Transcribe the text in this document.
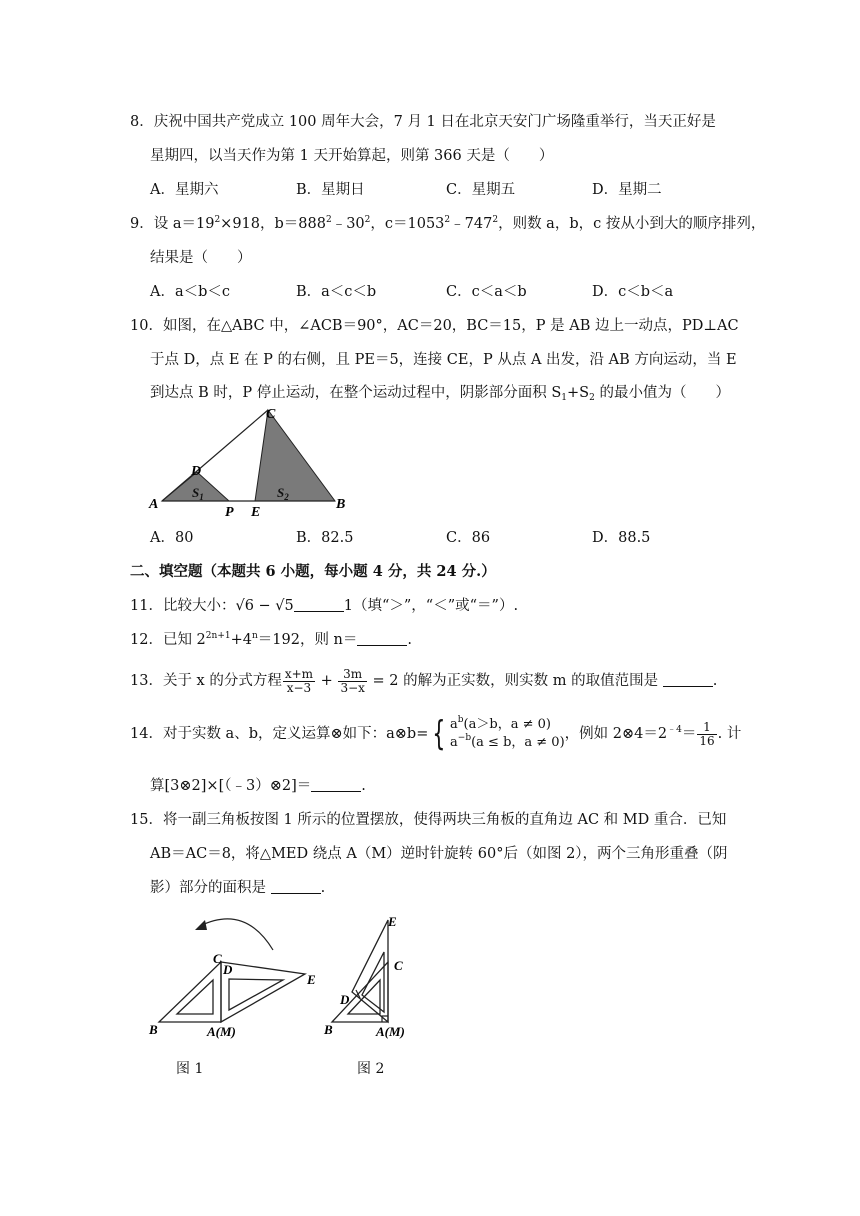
8．庆祝中国共产党成立 100 周年大会，7 月 1 日在北京天安门广场隆重举行，当天正好是
星期四，以当天作为第 1 天开始算起，则第 366 天是（　　）
A．星期六	B．星期日	C．星期五	D．星期二
9．设 $a=19^2\times 918$，$b=888^2﹣30^2$，$c=1053^2﹣747^2$，则数 a，b，c 按从小到大的顺序排列，
结果是（　　）
A．a＜b＜c	B．a＜c＜b	C．c＜a＜b	D．c＜b＜a
10．如图，在△ABC 中，∠ACB＝90°，AC＝20，BC＝15，P 是 AB 边上一动点，PD⊥AC
于点 D，点 E 在 P 的右侧，且 PE＝5，连接 CE，P 从点 A 出发，沿 AB 方向运动，当 E
到达点 B 时，P 停止运动，在整个运动过程中，阴影部分面积 $S_1+S_2$ 的最小值为（　　）
C
D
A
P E
B
$S_1$	$S_2$
A．80	B．82.5	C．86	D．88.5
二、填空题（本题共 6 小题，每小题 4 分，共 24 分.）
11．比较大小：√6 − √5	1（填“＞”，“＜”或“＝”）.
12．已知 $2^{2n+1}+4^n=192$，则 n＝	.
13．关于 x 的分式方程 $\frac{x+m}{x-3} + \frac{3m}{3-x} = 2$ 的解为正实数，则实数 m 的取值范围是	.
14．对于实数 a、b，定义运算⊗如下：a⊗b= { $a^b(a>b$，a ≠ 0)
$a^{-b}(a \le b$，a ≠ 0)
，例如 $2\otimes 4=2^{﹣4}= \frac{1}{16}$ . 计
算[3⊗2]×[（﹣3）⊗2]＝	.
15．将一副三角板按图 1 所示的位置摆放，使得两块三角板的直角边 AC 和 MD 重合．已知
AB＝AC＝8，将△MED 绕点 A（M）逆时针旋转 60°后（如图 2），两个三角形重叠（阴
影）部分的面积是	.
C
D
E
B	A(M)
图 1
E
C
D
B	A(M)
图 2
